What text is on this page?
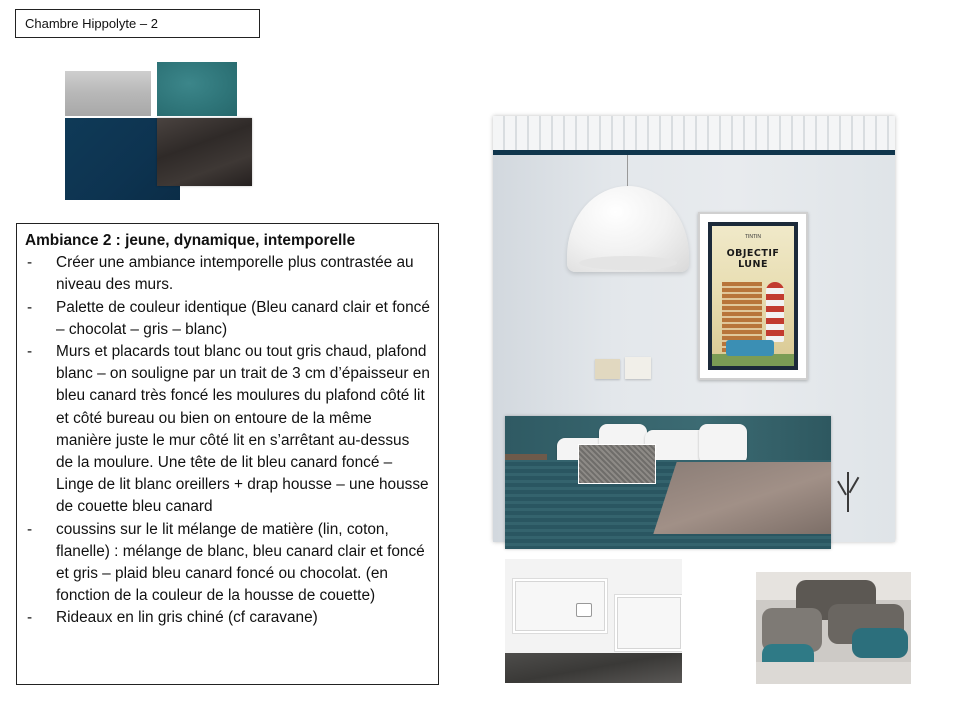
Chambre Hippolyte – 2
Ambiance 2 : jeune, dynamique, intemporelle
- Créer une ambiance intemporelle plus contrastée au niveau des murs.
- Palette de couleur identique (Bleu canard clair et foncé – chocolat – gris – blanc)
- Murs et placards tout blanc ou tout gris chaud, plafond blanc – on souligne par un trait de 3 cm d’épaisseur en bleu canard très foncé les moulures du plafond côté lit et côté bureau ou bien on entoure de la même manière juste le mur côté lit en s’arrêtant au-dessus de la moulure. Une tête de lit bleu canard foncé – Linge de lit blanc oreillers + drap housse – une housse de couette bleu canard
- coussins sur le lit mélange de matière (lin, coton, flanelle) : mélange de blanc, bleu canard clair et foncé et gris – plaid bleu canard foncé ou chocolat. (en fonction de la couleur de la housse de couette)
- Rideaux en lin gris chiné (cf caravane)
TINTIN
OBJECTIF LUNE
